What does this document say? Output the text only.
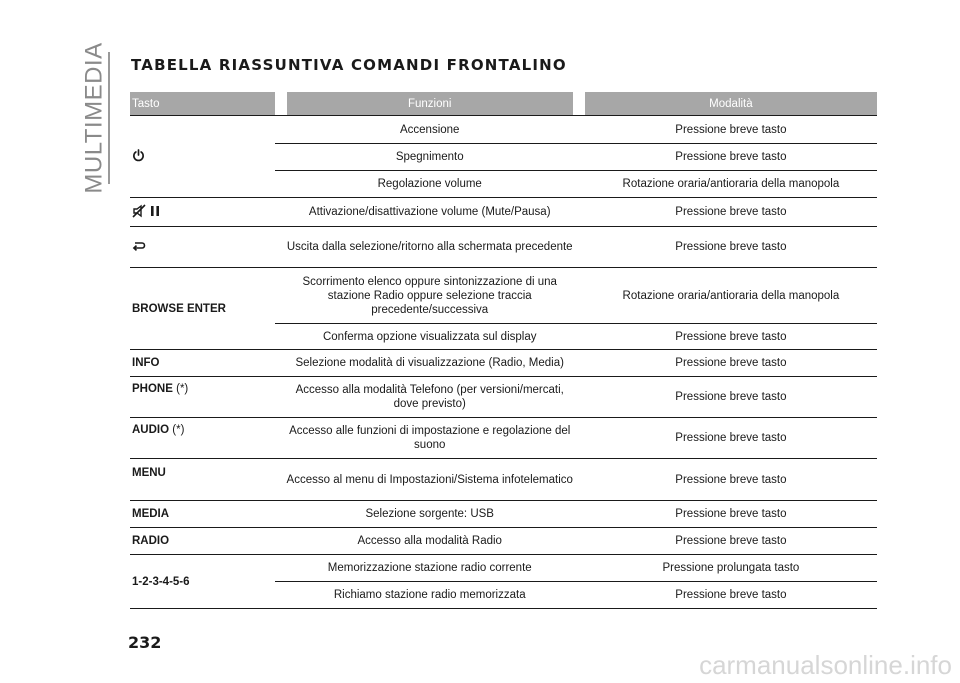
MULTIMEDIA TABELLA RIASSUNTIVA COMANDI FRONTALINO
Tasto		Funzioni		Modalità
		Accensione		Pressione breve tasto
		Spegnimento		Pressione breve tasto
		Regolazione volume		Rotazione oraria/antioraria della manopola
		Attivazione/disattivazione volume (Mute/Pausa)		Pressione breve tasto
		Uscita dalla selezione/ritorno alla schermata precedente		Pressione breve tasto
BROWSE ENTER		Scorrimento elenco oppure sintonizzazione di una stazione Radio oppure selezione traccia precedente/successiva		Rotazione oraria/antioraria della manopola
		Conferma opzione visualizzata sul display		Pressione breve tasto
INFO		Selezione modalità di visualizzazione (Radio, Media)		Pressione breve tasto
PHONE (*)		Accesso alla modalità Telefono (per versioni/mercati, dove previsto)		Pressione breve tasto
AUDIO (*)		Accesso alle funzioni di impostazione e regolazione del suono		Pressione breve tasto
MENU		Accesso al menu di Impostazioni/Sistema infotelematico		Pressione breve tasto
MEDIA		Selezione sorgente: USB		Pressione breve tasto
RADIO		Accesso alla modalità Radio		Pressione breve tasto
1-2-3-4-5-6		Memorizzazione stazione radio corrente		Pressione prolungata tasto
		Richiamo stazione radio memorizzata		Pressione breve tasto
232
carmanualsonline.info
